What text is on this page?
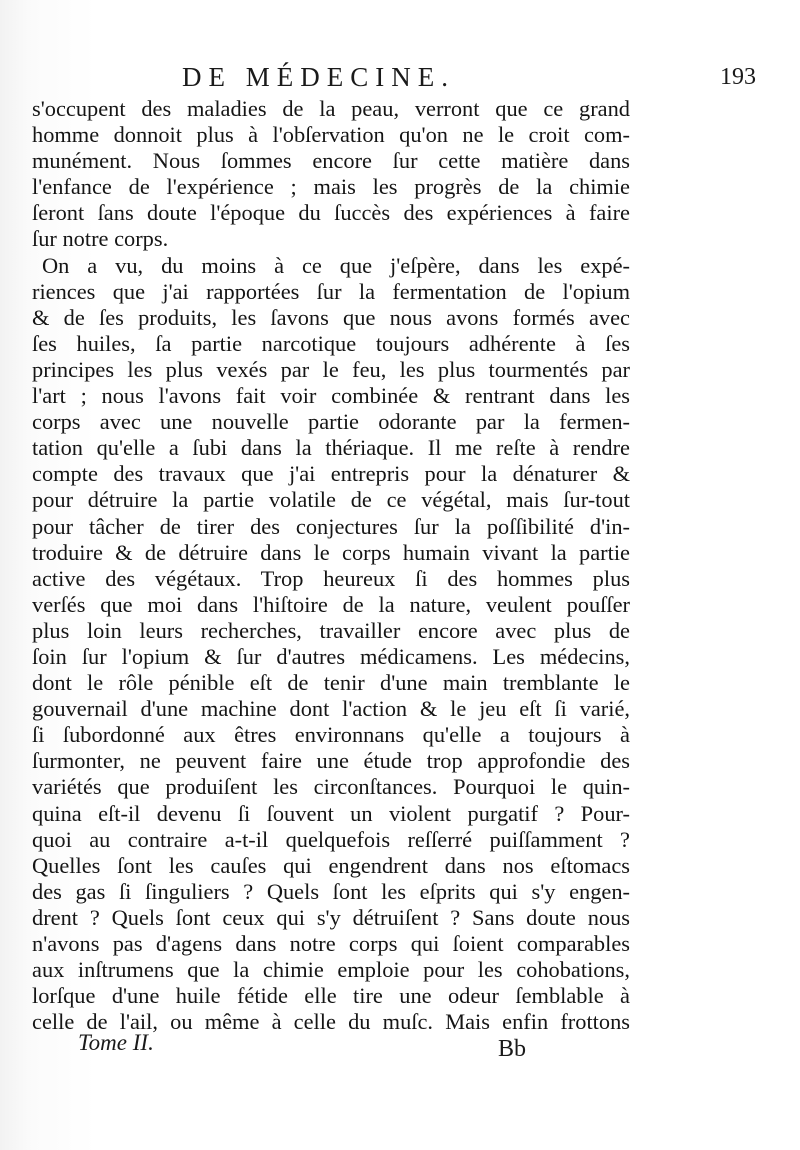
DE MÉDECINE.	193
s'occupent des maladies de la peau, verront que ce grand
homme donnoit plus à l'obſervation qu'on ne le croit com-
munément. Nous ſommes encore ſur cette matière dans
l'enfance de l'expérience ; mais les progrès de la chimie
ſeront ſans doute l'époque du ſuccès des expériences à faire
ſur notre corps.
On a vu, du moins à ce que j'eſpère, dans les expé-
riences que j'ai rapportées ſur la fermentation de l'opium
& de ſes produits, les ſavons que nous avons formés avec
ſes huiles, ſa partie narcotique toujours adhérente à ſes
principes les plus vexés par le feu, les plus tourmentés par
l'art ; nous l'avons fait voir combinée & rentrant dans les
corps avec une nouvelle partie odorante par la fermen-
tation qu'elle a ſubi dans la thériaque. Il me reſte à rendre
compte des travaux que j'ai entrepris pour la dénaturer &
pour détruire la partie volatile de ce végétal, mais ſur-tout
pour tâcher de tirer des conjectures ſur la poſſibilité d'in-
troduire & de détruire dans le corps humain vivant la partie
active des végétaux. Trop heureux ſi des hommes plus
verſés que moi dans l'hiſtoire de la nature, veulent pouſſer
plus loin leurs recherches, travailler encore avec plus de
ſoin ſur l'opium & ſur d'autres médicamens. Les médecins,
dont le rôle pénible eſt de tenir d'une main tremblante le
gouvernail d'une machine dont l'action & le jeu eſt ſi varié,
ſi ſubordonné aux êtres environnans qu'elle a toujours à
ſurmonter, ne peuvent faire une étude trop approfondie des
variétés que produiſent les circonſtances. Pourquoi le quin-
quina eſt-il devenu ſi ſouvent un violent purgatif ? Pour-
quoi au contraire a-t-il quelquefois reſſerré puiſſamment ?
Quelles ſont les cauſes qui engendrent dans nos eſtomacs
des gas ſi ſinguliers ? Quels ſont les eſprits qui s'y engen-
drent ? Quels ſont ceux qui s'y détruiſent ? Sans doute nous
n'avons pas d'agens dans notre corps qui ſoient comparables
aux inſtrumens que la chimie emploie pour les cohobations,
lorſque d'une huile fétide elle tire une odeur ſemblable à
celle de l'ail, ou même à celle du muſc. Mais enfin frottons
Tome II.	Bb
